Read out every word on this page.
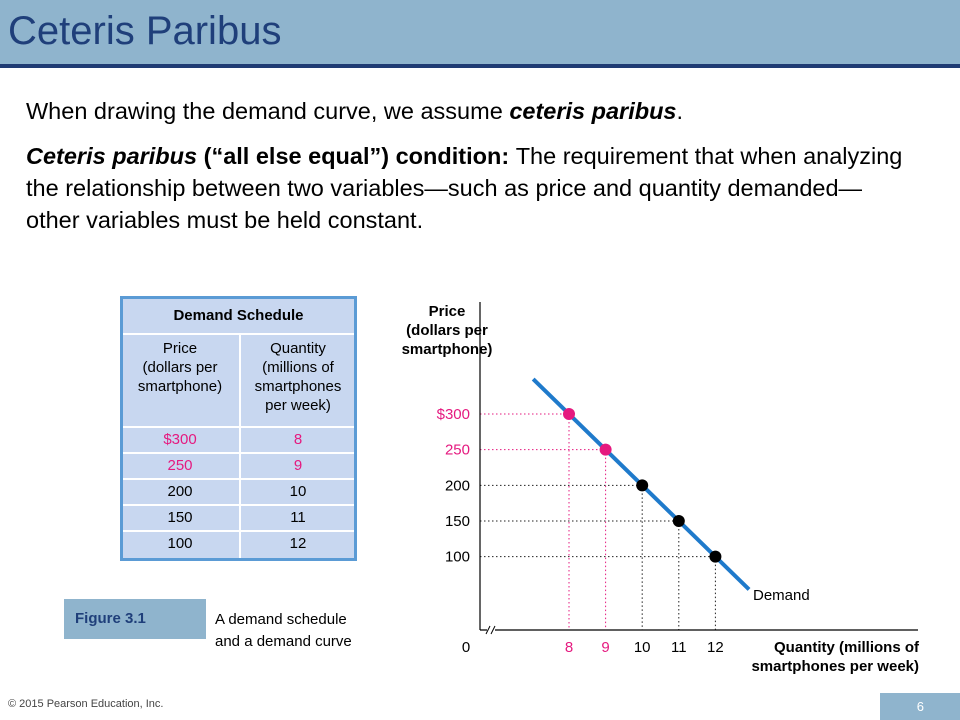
Ceteris Paribus
When drawing the demand curve, we assume ceteris paribus.
Ceteris paribus (“all else equal”) condition: The requirement that when analyzing the relationship between two variables—such as price and quantity demanded—other variables must be held constant.
Demand Schedule
Price
(dollars per
smartphone)
Quantity
(millions of
smartphones
per week)
$300	8
250	9
200	10
150	11
100	12
$300
250
200
150
100
8 9 10 11 12
0
Price
(dollars per
smartphone)
Quantity (millions of
smartphones per week)
Demand
Figure 3.1	A demand schedule
and a demand curve
© 2015 Pearson Education, Inc.	6
